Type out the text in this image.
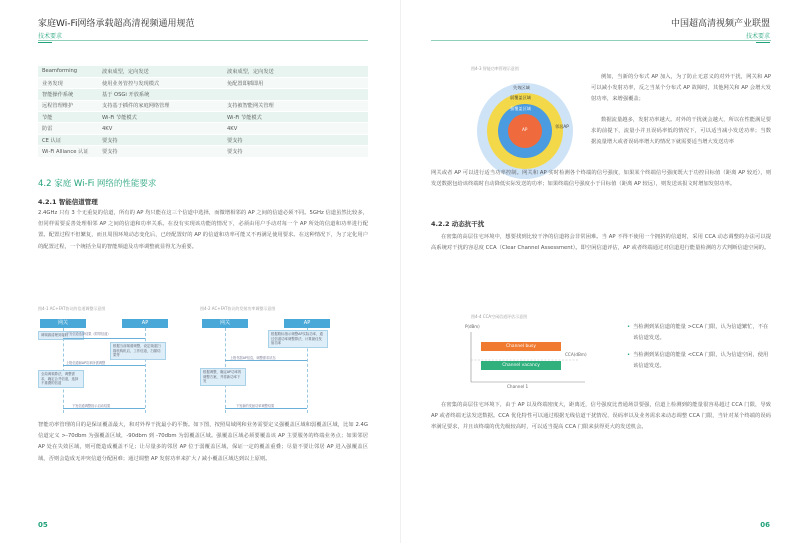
家庭Wi-Fi网络承载超高清视频通用规范
技术要求
Beamforming	波束成型，定向发送	波束成型，定向发送
业务发现	使用业务管控与发现模式	免配置即插即用
智能操作系统	基于 OSGi 开放系统	
远程管理维护	支持基于插件的家庭网络管理	支持被智能网关管理
节能	Wi-Fi 节能模式	Wi-Fi 节能模式
防雷	4KV	4KV
CE 认证	要支持	要支持
Wi-Fi Alliance 认证	要支持	要支持
4.2 家庭 Wi-Fi 网络的性能要求
4.2.1 智能信道管理
2.4GHz 只有 3 个无重复的信道，所有的 AP 均只能在这三个信道中选择，而微增相邻的 AP 之间的信道必须不同。5GHz 信道虽然比较多，但同样需要妥善处理相邻 AP 之间的信道和功率关系。在没有实现该功能的情况下，必须由用户手动对每一个 AP 所处的信道和功率进行配置。配置过程不但繁复，而且周围环境动态变化后，已经配置好的 AP 的信道和功率可能又不再满足使用要求。在这种情况下，为了定化用户的配置过程，一个统括全局的智能频道及功率调整就显得尤为重要。
图4-1 AC+FAT协议的信道调整示意图	图4-2 AC+FAT协议的发射功率调整示意图
网关	AP
调频源清理到接收
下发信道选择结果（附带信道）
根据当前频谱调整，设定频道扫描机构机启，工作信道，扫描结果等
上报信道和AP功率所需调整
全局调频算法，调整需求，确定合并信道，选择不重叠的信道
下发信道调整指示启动结果
网关	AP
根据路标指示调整AP实际功率，通过信道功率调整算法，计算最佳发射功率
上报邻居AP信息，调整需求状态
根据调整，确定AP功率的调整方案，并将新功率下发
下发新的发射功率调整结果
智能功率管理的目的是保证覆盖最大，和对外界干扰最小的平衡。如下图，按照局域网和业务需要定义强覆盖区域和弱覆盖区域，比如 2.4G 信道定义 >-70dbm 为强覆盖区域，-90dbm 到 -70dbm 为弱覆盖区域。强覆盖区域必须要覆盖该 AP 主要服务的终端业务点；如果邻居 AP 处在失效区域，则可能造成覆盖不足；让尽量多的邻居 AP 位于弱覆盖区域，保证一定的覆盖重叠；尽量不要让邻居 AP 进入强覆盖区域，否则会造成无冲突信道分配困难；通过调整 AP 发射功率来扩大 / 减小覆盖区域达到以上原则。
05
中国超高清视频产业联盟
技术要求
图4-3 智能功率管理示意图
失效区域
弱覆盖区域
强覆盖区域
AP
邻居AP
例如，当新的分布式 AP 加入，为了防止无意义的对外干扰，网关和 AP 可以减小发射功率，反之当某个分布式 AP 故障时，其他网关和 AP 会增大发射功率，来增强覆盖；
数据流量越多，发射功率越大。对外的干扰就会越大，所以在性能满足要求的前提下，流量小并且误码率低的情况下，可以适当减小发送功率；当数据流量增大或者误码率增大的情况下就需要适当增大发送功率
网关或者 AP 可以进行适当功率控制。网关和 AP 实时检测各个终端的信号强度，如果某个终端信号强度既大于功控目标值（距离 AP 较近），则发送数据包给该终端时自动降低实际发送的功率；如果终端信号强度小于目标值（距离 AP 较远），则发送该报文时增加发射功率。
4.2.2 动态抗干扰
在密集的高层住宅环境中，想要找到比较干净的信道将会非常困难。当 AP 不得不使用一个拥挤的信道时，采用 CCA 动态调整的办法可以提高系统对干扰的容忍度 CCA（Clear Channel Assessment）。即空闲信道评估，AP 或者终端通过对信道进行能量检测的方式判断信道空闲的。
图4-4 CCA空闲信道评估示意图
P(dBm)
Channel busy
Channel vacancy
CCA(dBm)
Channel 1
• 当检测到某信道的能量 >CCA 门限，认为信道繁忙，不在该信道发送。
• 当检测到某信道的能量 <CCA 门限，认为信道空闲，使用该信道发送。
在密集的高层住宅环境下，由于 AP 以及终端密度大，距离近，信号强度比普通场景要强，信道上检测到的能量很容易超过 CCA 门限，导致 AP 或者终端无法发送数据。CCA 优化特性可以通过根据无线信道干扰情况、误码率以及业务需求来动态调整 CCA 门限，当针对某个终端的误码率满足要求，并且该终端的优先级较高时，可以适当提高 CCA 门限来获得更大的发送机会。
06
